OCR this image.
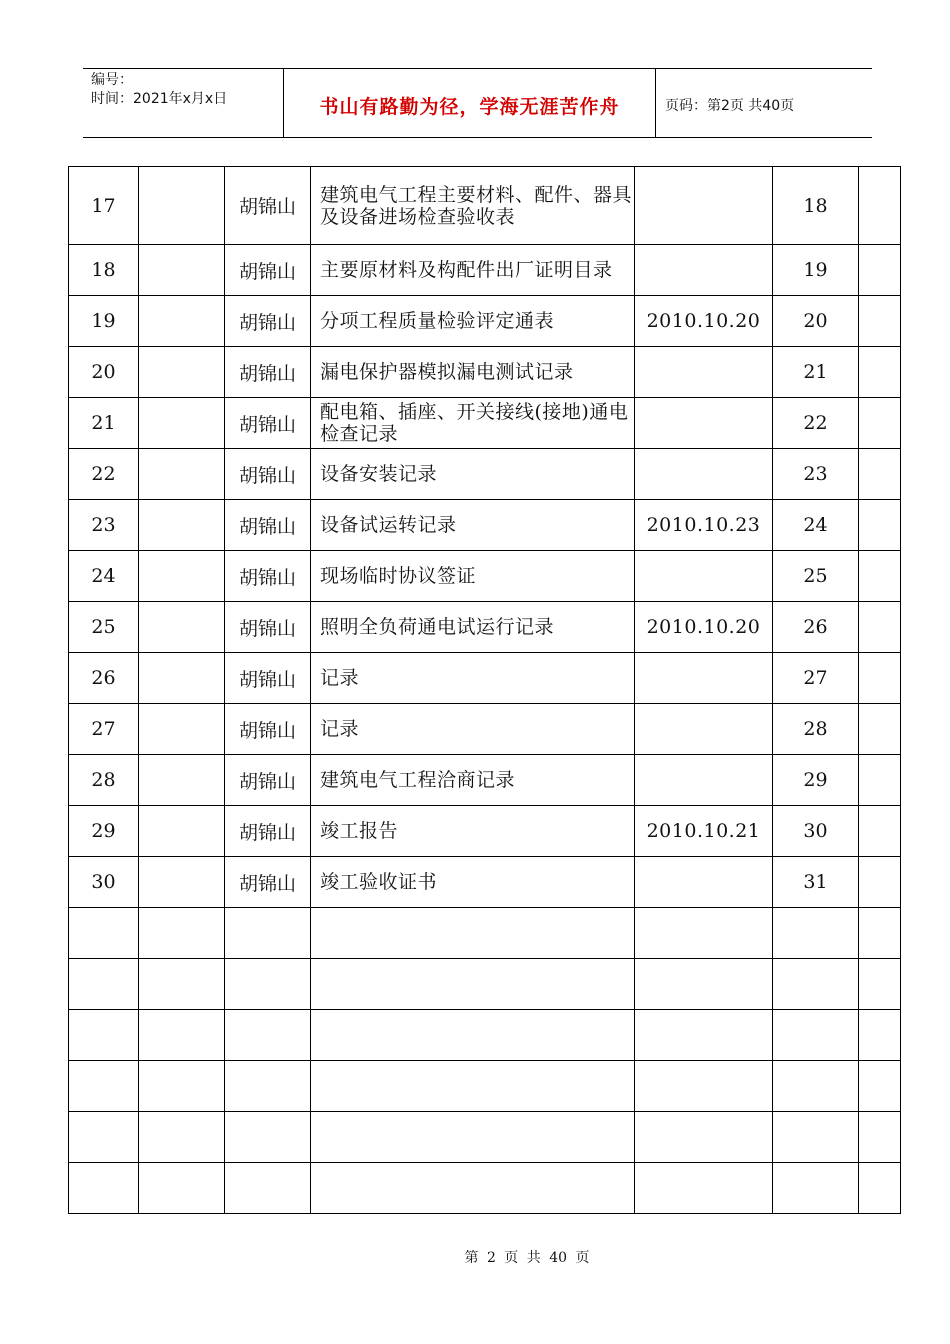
编号：
时间：2021年x月x日	书山有路勤为径，学海无涯苦作舟	页码：第2页 共40页
17		胡锦山	建筑电气工程主要材料、配件、器具及设备进场检查验收表		18	
18		胡锦山	主要原材料及构配件出厂证明目录		19	
19		胡锦山	分项工程质量检验评定通表	2010.10.20	20	
20		胡锦山	漏电保护器模拟漏电测试记录		21	
21		胡锦山	配电箱、插座、开关接线(接地)通电检查记录		22	
22		胡锦山	设备安装记录		23	
23		胡锦山	设备试运转记录	2010.10.23	24	
24		胡锦山	现场临时协议签证		25	
25		胡锦山	照明全负荷通电试运行记录	2010.10.20	26	
26		胡锦山	记录		27	
27		胡锦山	记录		28	
28		胡锦山	建筑电气工程洽商记录		29	
29		胡锦山	竣工报告	2010.10.21	30	
30		胡锦山	竣工验收证书		31	

第 2 页 共 40 页
